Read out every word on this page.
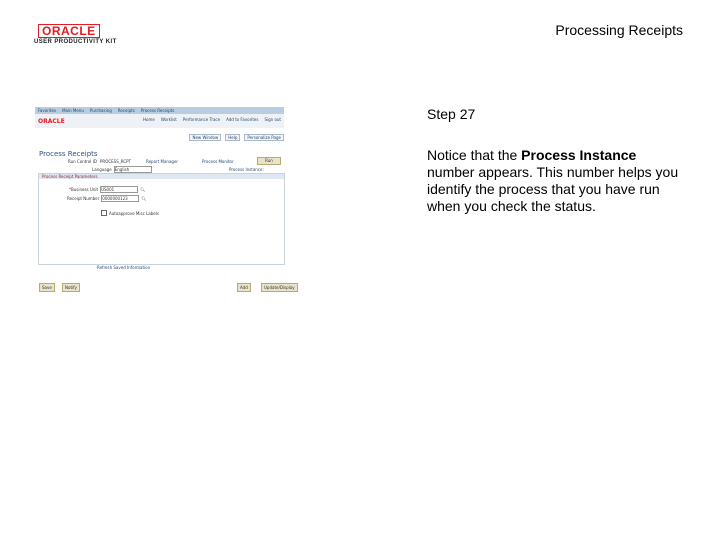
ORACLE
USER PRODUCTIVITY KIT
Processing Receipts
Favorites Main Menu Purchasing Receipts Process Receipts
ORACLE	Home Worklist Performance Trace Add to Favorites Sign out
New Window	Help	Personalize Page
Process Receipts
Run Control ID PROCESS_RCPT	Report Manager	Process Monitor	Run
Process Instance:
Language English
Process Receipt Parameters
*Business Unit US001	🔍︎
Receipt Number 0000000123	🔍︎
Autoapprove Misc Labels
Refresh Saved Information
Save	Notify	Add	Update/Display
Step 27
Notice that the Process Instance number appears. This number helps you identify the process that you have run when you check the status.
